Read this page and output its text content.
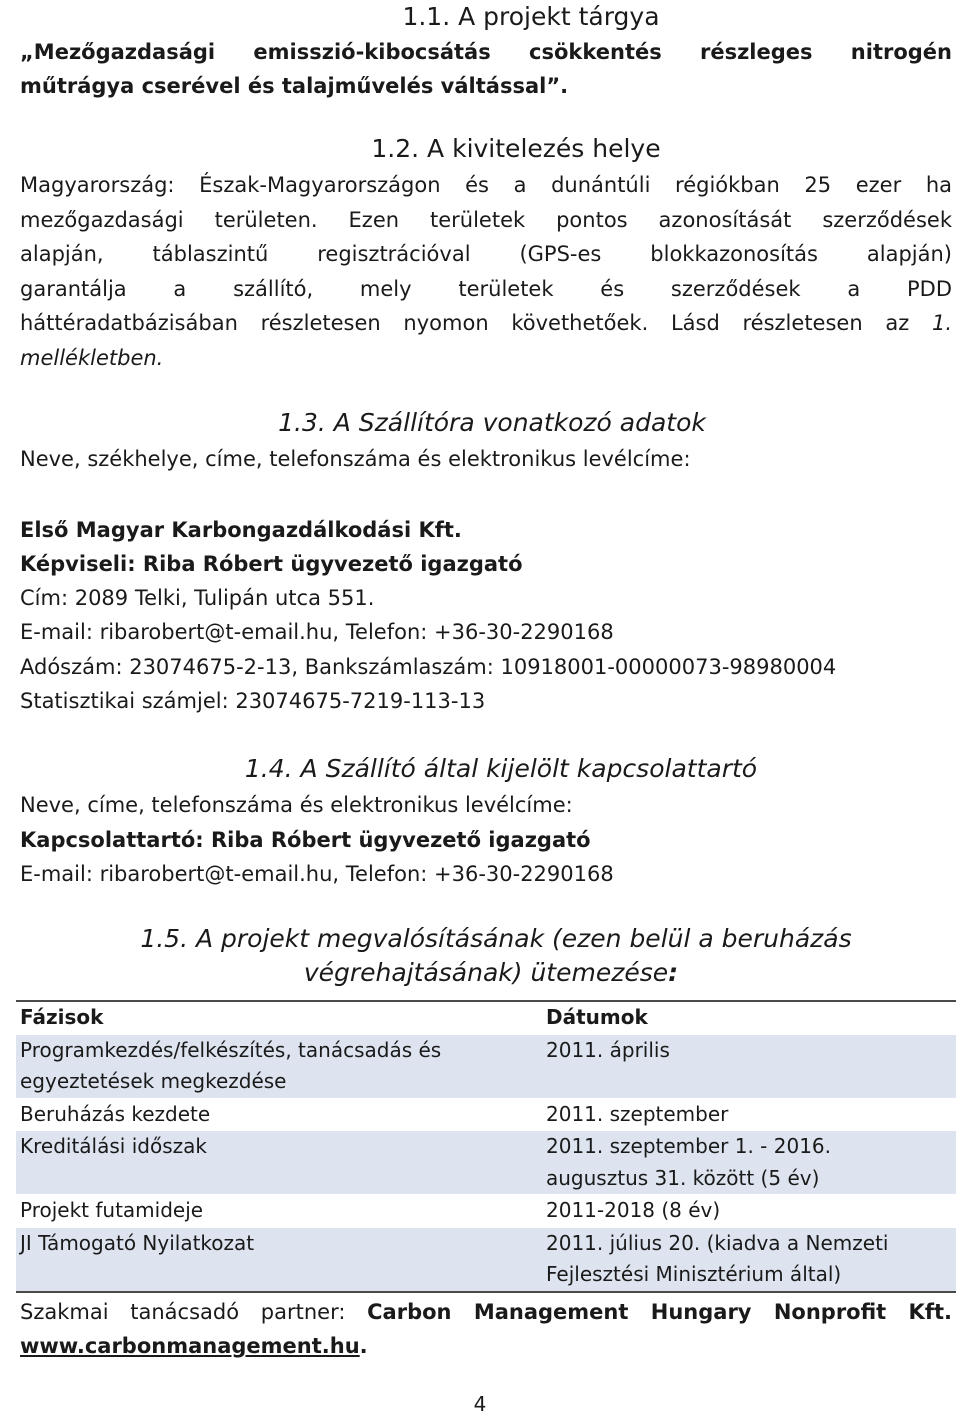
1.1. A projekt tárgya

„Mezőgazdasági emisszió-kibocsátás csökkentés részleges nitrogén

műtrágya cserével és talajművelés váltással”.

1.2. A kivitelezés helye

Magyarország: Észak-Magyarországon és a dunántúli régiókban 25 ezer ha

mezőgazdasági területen. Ezen területek pontos azonosítását szerződések

alapján, táblaszintű regisztrációval (GPS-es blokkazonosítás alapján)

garantálja a szállító, mely területek és szerződések a PDD

háttéradatbázisában részletesen nyomon követhetőek. Lásd részletesen az 1.

mellékletben.

1.3. A Szállítóra vonatkozó adatok

Neve, székhelye, címe, telefonszáma és elektronikus levélcíme:

Első Magyar Karbongazdálkodási Kft.

Képviseli: Riba Róbert ügyvezető igazgató

Cím: 2089 Telki, Tulipán utca 551.

E-mail: ribarobert@t-email.hu, Telefon: +36-30-2290168

Adószám: 23074675-2-13, Bankszámlaszám: 10918001-00000073-98980004

Statisztikai számjel: 23074675-7219-113-13

1.4. A Szállító által kijelölt kapcsolattartó

Neve, címe, telefonszáma és elektronikus levélcíme:

Kapcsolattartó: Riba Róbert ügyvezető igazgató

E-mail: ribarobert@t-email.hu, Telefon: +36-30-2290168

1.5. A projekt megvalósításának (ezen belül a beruházás

végrehajtásának) ütemezése:

Fázisok	Dátumok
Programkezdés/felkészítés, tanácsadás és egyeztetések megkezdése	2011. április
Beruházás kezdete	2011. szeptember
Kreditálási időszak	2011. szeptember 1. - 2016. augusztus 31. között (5 év)
Projekt futamideje	2011-2018 (8 év)
JI Támogató Nyilatkozat	2011. július 20. (kiadva a Nemzeti Fejlesztési Minisztérium által)

Szakmai tanácsadó partner: Carbon Management Hungary Nonprofit Kft.

www.carbonmanagement.hu.

4
